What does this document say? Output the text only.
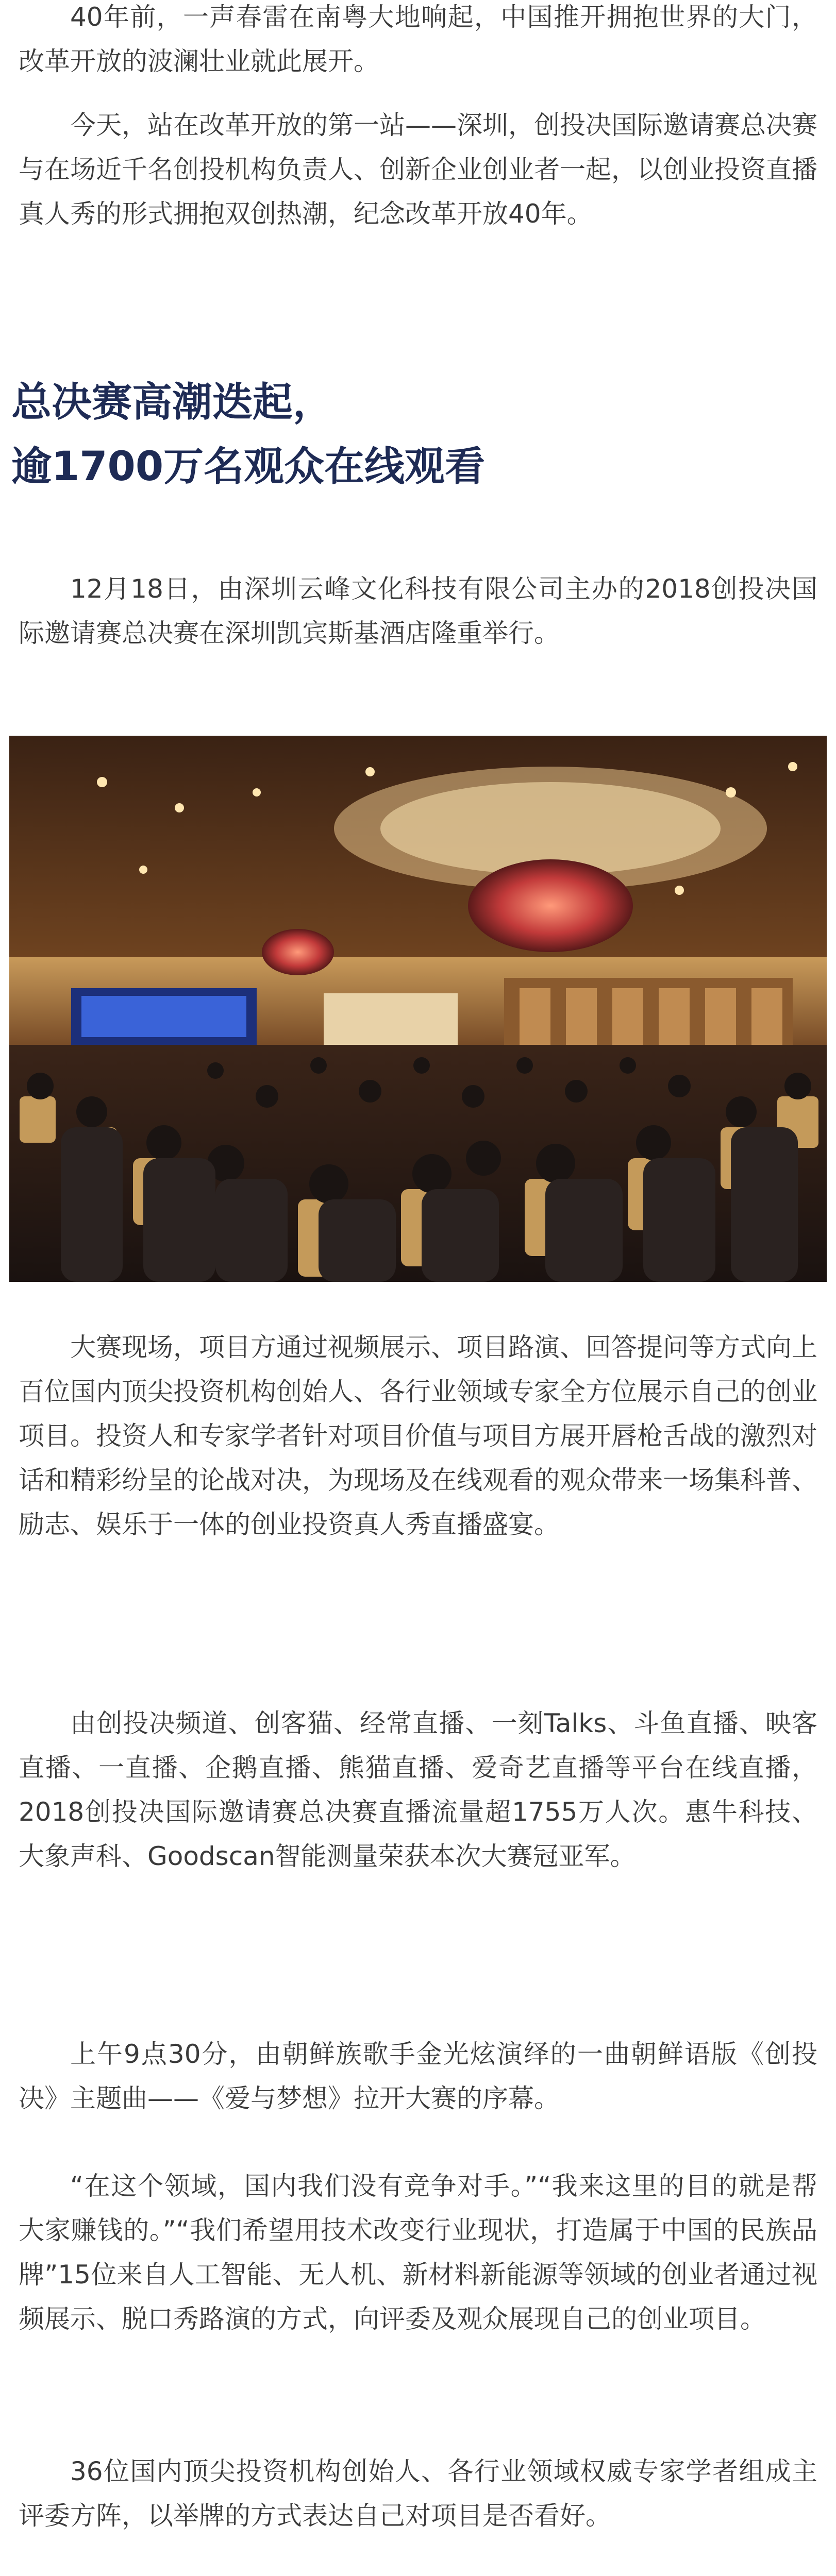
40年前，一声春雷在南粤大地响起，中国推开拥抱世界的大门，改革开放的波澜壮业就此展开。

今天，站在改革开放的第一站——深圳，创投决国际邀请赛总决赛与在场近千名创投机构负责人、创新企业创业者一起，以创业投资直播真人秀的形式拥抱双创热潮，纪念改革开放40年。

总决赛高潮迭起，
逾1700万名观众在线观看

12月18日，由深圳云峰文化科技有限公司主办的2018创投决国际邀请赛总决赛在深圳凯宾斯基酒店隆重举行。

大赛现场，项目方通过视频展示、项目路演、回答提问等方式向上百位国内顶尖投资机构创始人、各行业领域专家全方位展示自己的创业项目。投资人和专家学者针对项目价值与项目方展开唇枪舌战的激烈对话和精彩纷呈的论战对决，为现场及在线观看的观众带来一场集科普、励志、娱乐于一体的创业投资真人秀直播盛宴。

由创投决频道、创客猫、经常直播、一刻Talks、斗鱼直播、映客直播、一直播、企鹅直播、熊猫直播、爱奇艺直播等平台在线直播，2018创投决国际邀请赛总决赛直播流量超1755万人次。惠牛科技、大象声科、Goodscan智能测量荣获本次大赛冠亚军。

上午9点30分，由朝鲜族歌手金光炫演绎的一曲朝鲜语版《创投决》主题曲——《爱与梦想》拉开大赛的序幕。

“在这个领域，国内我们没有竞争对手。”“我来这里的目的就是帮大家赚钱的。”“我们希望用技术改变行业现状，打造属于中国的民族品牌”15位来自人工智能、无人机、新材料新能源等领域的创业者通过视频展示、脱口秀路演的方式，向评委及观众展现自己的创业项目。

36位国内顶尖投资机构创始人、各行业领域权威专家学者组成主评委方阵，以举牌的方式表达自己对项目是否看好。
